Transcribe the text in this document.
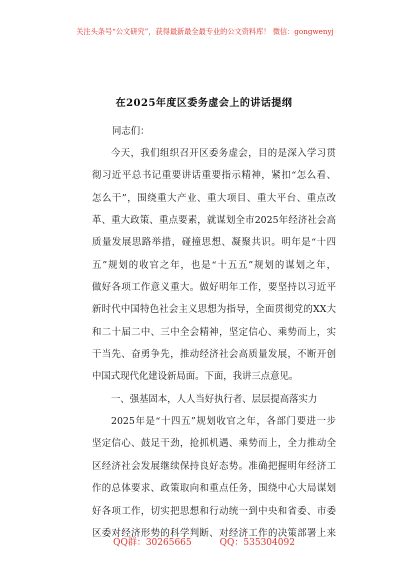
关注头条号“公文研究”，获得最新最全最专业的公文资料库！ 微信：gongwenyj
在2025年度区委务虚会上的讲话提纲

同志们：

今天，我们组织召开区委务虚会，目的是深入学习贯

彻习近平总书记重要讲话重要指示精神，紧扣“怎么看、

怎么干”，围绕重大产业、重大项目、重大平台、重点改

革、重大政策、重点要素，就谋划全市2025年经济社会高

质量发展思路举措，碰撞思想、凝聚共识。明年是“十四

五”规划的收官之年，也是“十五五”规划的谋划之年，

做好各项工作意义重大。做好明年工作，要坚持以习近平

新时代中国特色社会主义思想为指导，全面贯彻党的XX大

和二十届二中、三中全会精神，坚定信心、乘势而上，实

干当先、奋勇争先，推动经济社会高质量发展，不断开创

中国式现代化建设新局面。下面，我讲三点意见。

一、强基固本，人人当好执行者、层层提高落实力

2025年是“十四五”规划收官之年，各部门要进一步

坚定信心、鼓足干劲，抢抓机遇、乘势而上，全力推动全

区经济社会发展继续保持良好态势。准确把握明年经济工

作的总体要求、政策取向和重点任务，围绕中心大局谋划

好各项工作，切实把思想和行动统一到中央和省委、市委

区委对经济形势的科学判断、对经济工作的决策部署上来

QQ群：30265665	QQ：535304092
